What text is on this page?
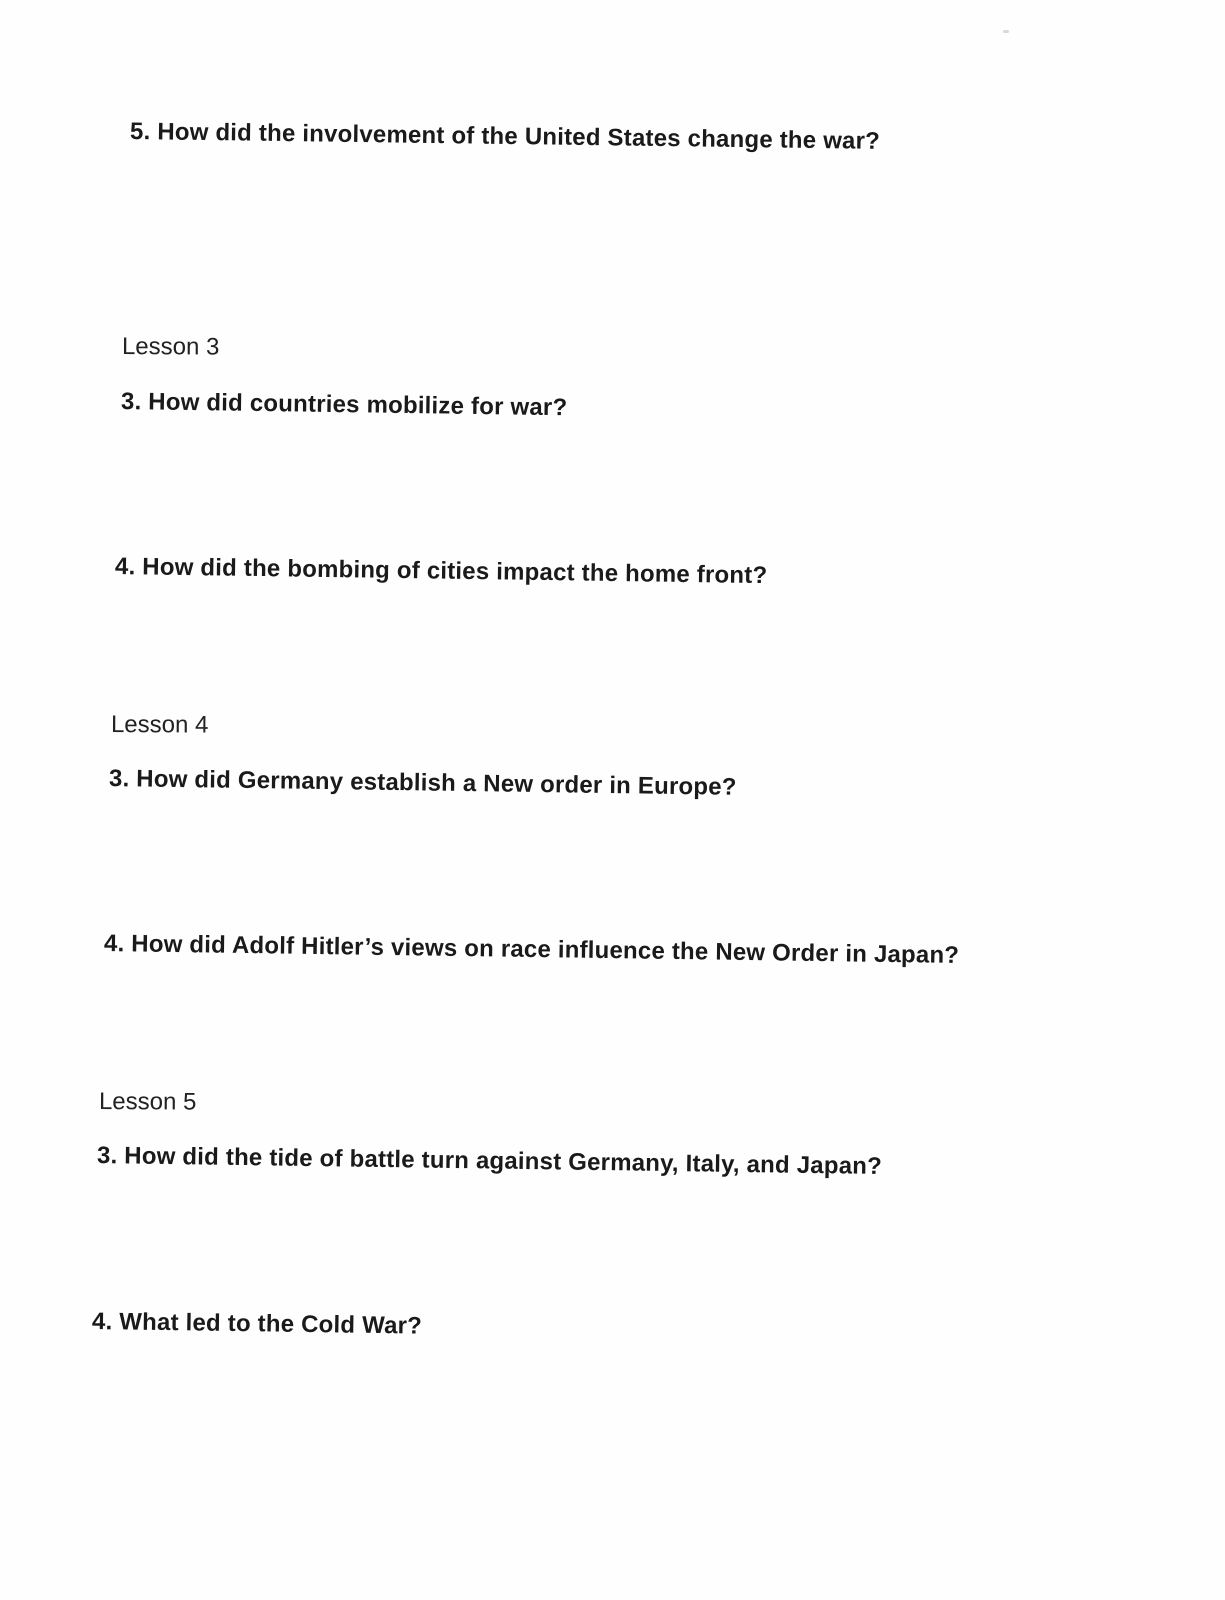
5. How did the involvement of the United States change the war?

Lesson 3

3. How did countries mobilize for war?

4. How did the bombing of cities impact the home front?

Lesson 4

3. How did Germany establish a New order in Europe?

4. How did Adolf Hitler’s views on race influence the New Order in Japan?

Lesson 5

3. How did the tide of battle turn against Germany, Italy, and Japan?

4. What led to the Cold War?
